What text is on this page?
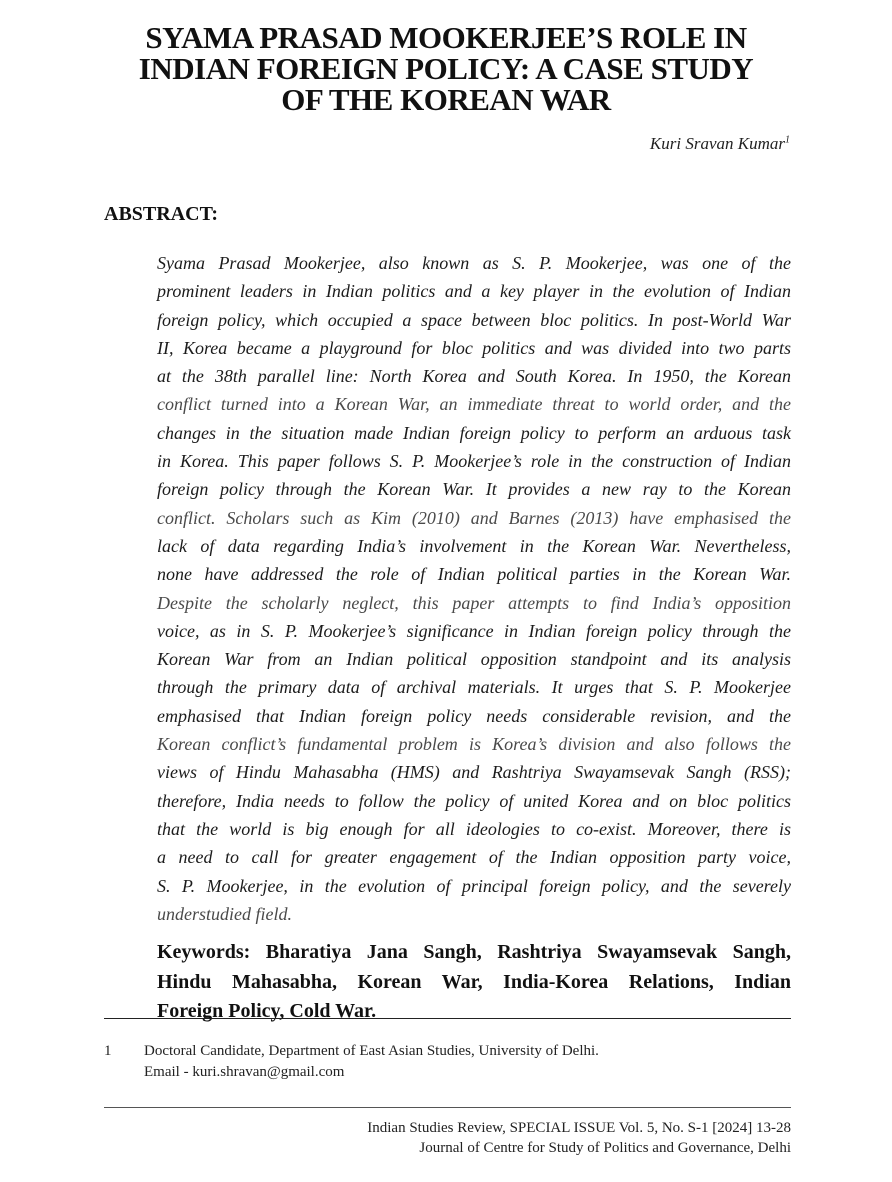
SYAMA PRASAD MOOKERJEE’S ROLE IN
INDIAN FOREIGN POLICY: A CASE STUDY
OF THE KOREAN WAR
Kuri Sravan Kumar$^1$
ABSTRACT:
Syama Prasad Mookerjee, also known as S. P. Mookerjee, was one of the
prominent leaders in Indian politics and a key player in the evolution of Indian
foreign policy, which occupied a space between bloc politics. In post-World War
II, Korea became a playground for bloc politics and was divided into two parts
at the 38th parallel line: North Korea and South Korea. In 1950, the Korean
conflict turned into a Korean War, an immediate threat to world order, and the
changes in the situation made Indian foreign policy to perform an arduous task
in Korea. This paper follows S. P. Mookerjee’s role in the construction of Indian
foreign policy through the Korean War. It provides a new ray to the Korean
conflict. Scholars such as Kim (2010) and Barnes (2013) have emphasised the
lack of data regarding India’s involvement in the Korean War. Nevertheless,
none have addressed the role of Indian political parties in the Korean War.
Despite the scholarly neglect, this paper attempts to find India’s opposition
voice, as in S. P. Mookerjee’s significance in Indian foreign policy through the
Korean War from an Indian political opposition standpoint and its analysis
through the primary data of archival materials. It urges that S. P. Mookerjee
emphasised that Indian foreign policy needs considerable revision, and the
Korean conflict’s fundamental problem is Korea’s division and also follows the
views of Hindu Mahasabha (HMS) and Rashtriya Swayamsevak Sangh (RSS);
therefore, India needs to follow the policy of united Korea and on bloc politics
that the world is big enough for all ideologies to co-exist. Moreover, there is
a need to call for greater engagement of the Indian opposition party voice,
S. P. Mookerjee, in the evolution of principal foreign policy, and the severely
understudied field.
Keywords: Bharatiya Jana Sangh, Rashtriya Swayamsevak Sangh,
Hindu Mahasabha, Korean War, India-Korea Relations, Indian
Foreign Policy, Cold War.
1 Doctoral Candidate, Department of East Asian Studies, University of Delhi.
Email - kuri.shravan@gmail.com
Indian Studies Review, SPECIAL ISSUE Vol. 5, No. S-1 [2024] 13-28
Journal of Centre for Study of Politics and Governance, Delhi
